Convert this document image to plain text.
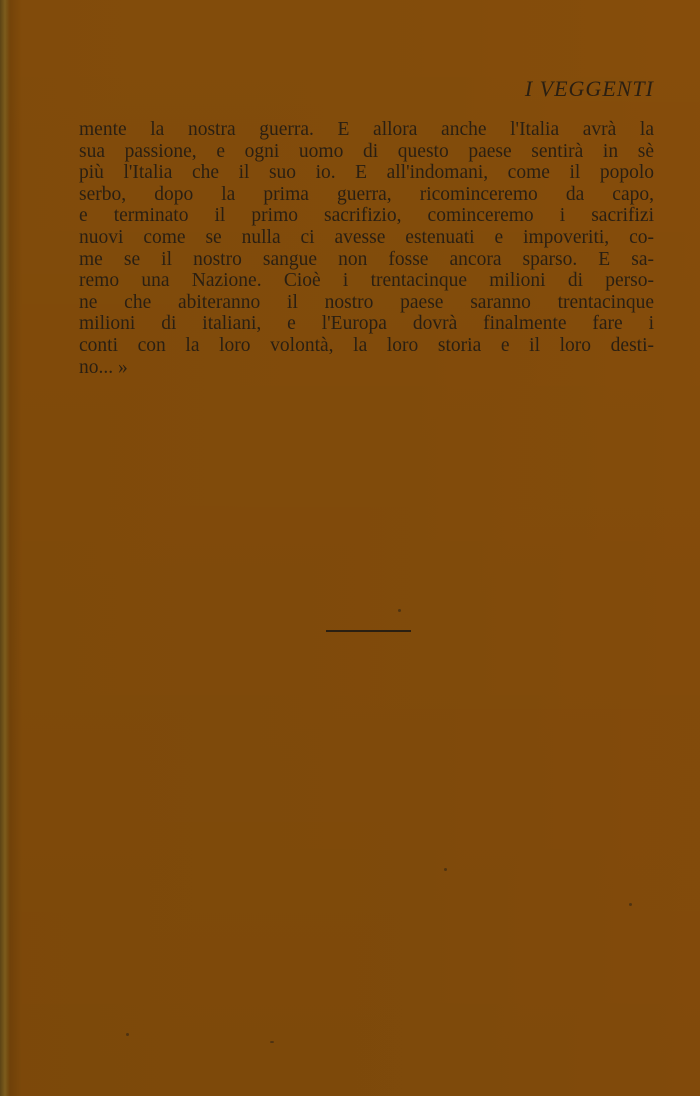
I VEGGENTI
mente la nostra guerra. E allora anche l'Italia avrà la
sua passione, e ogni uomo di questo paese sentirà in sè
più l'Italia che il suo io. E all'indomani, come il popolo
serbo, dopo la prima guerra, ricominceremo da capo,
e terminato il primo sacrifizio, cominceremo i sacrifizi
nuovi come se nulla ci avesse estenuati e impoveriti, co-
me se il nostro sangue non fosse ancora sparso. E sa-
remo una Nazione. Cioè i trentacinque milioni di perso-
ne che abiteranno il nostro paese saranno trentacinque
milioni di italiani, e l'Europa dovrà finalmente fare i
conti con la loro volontà, la loro storia e il loro desti-
no... »
